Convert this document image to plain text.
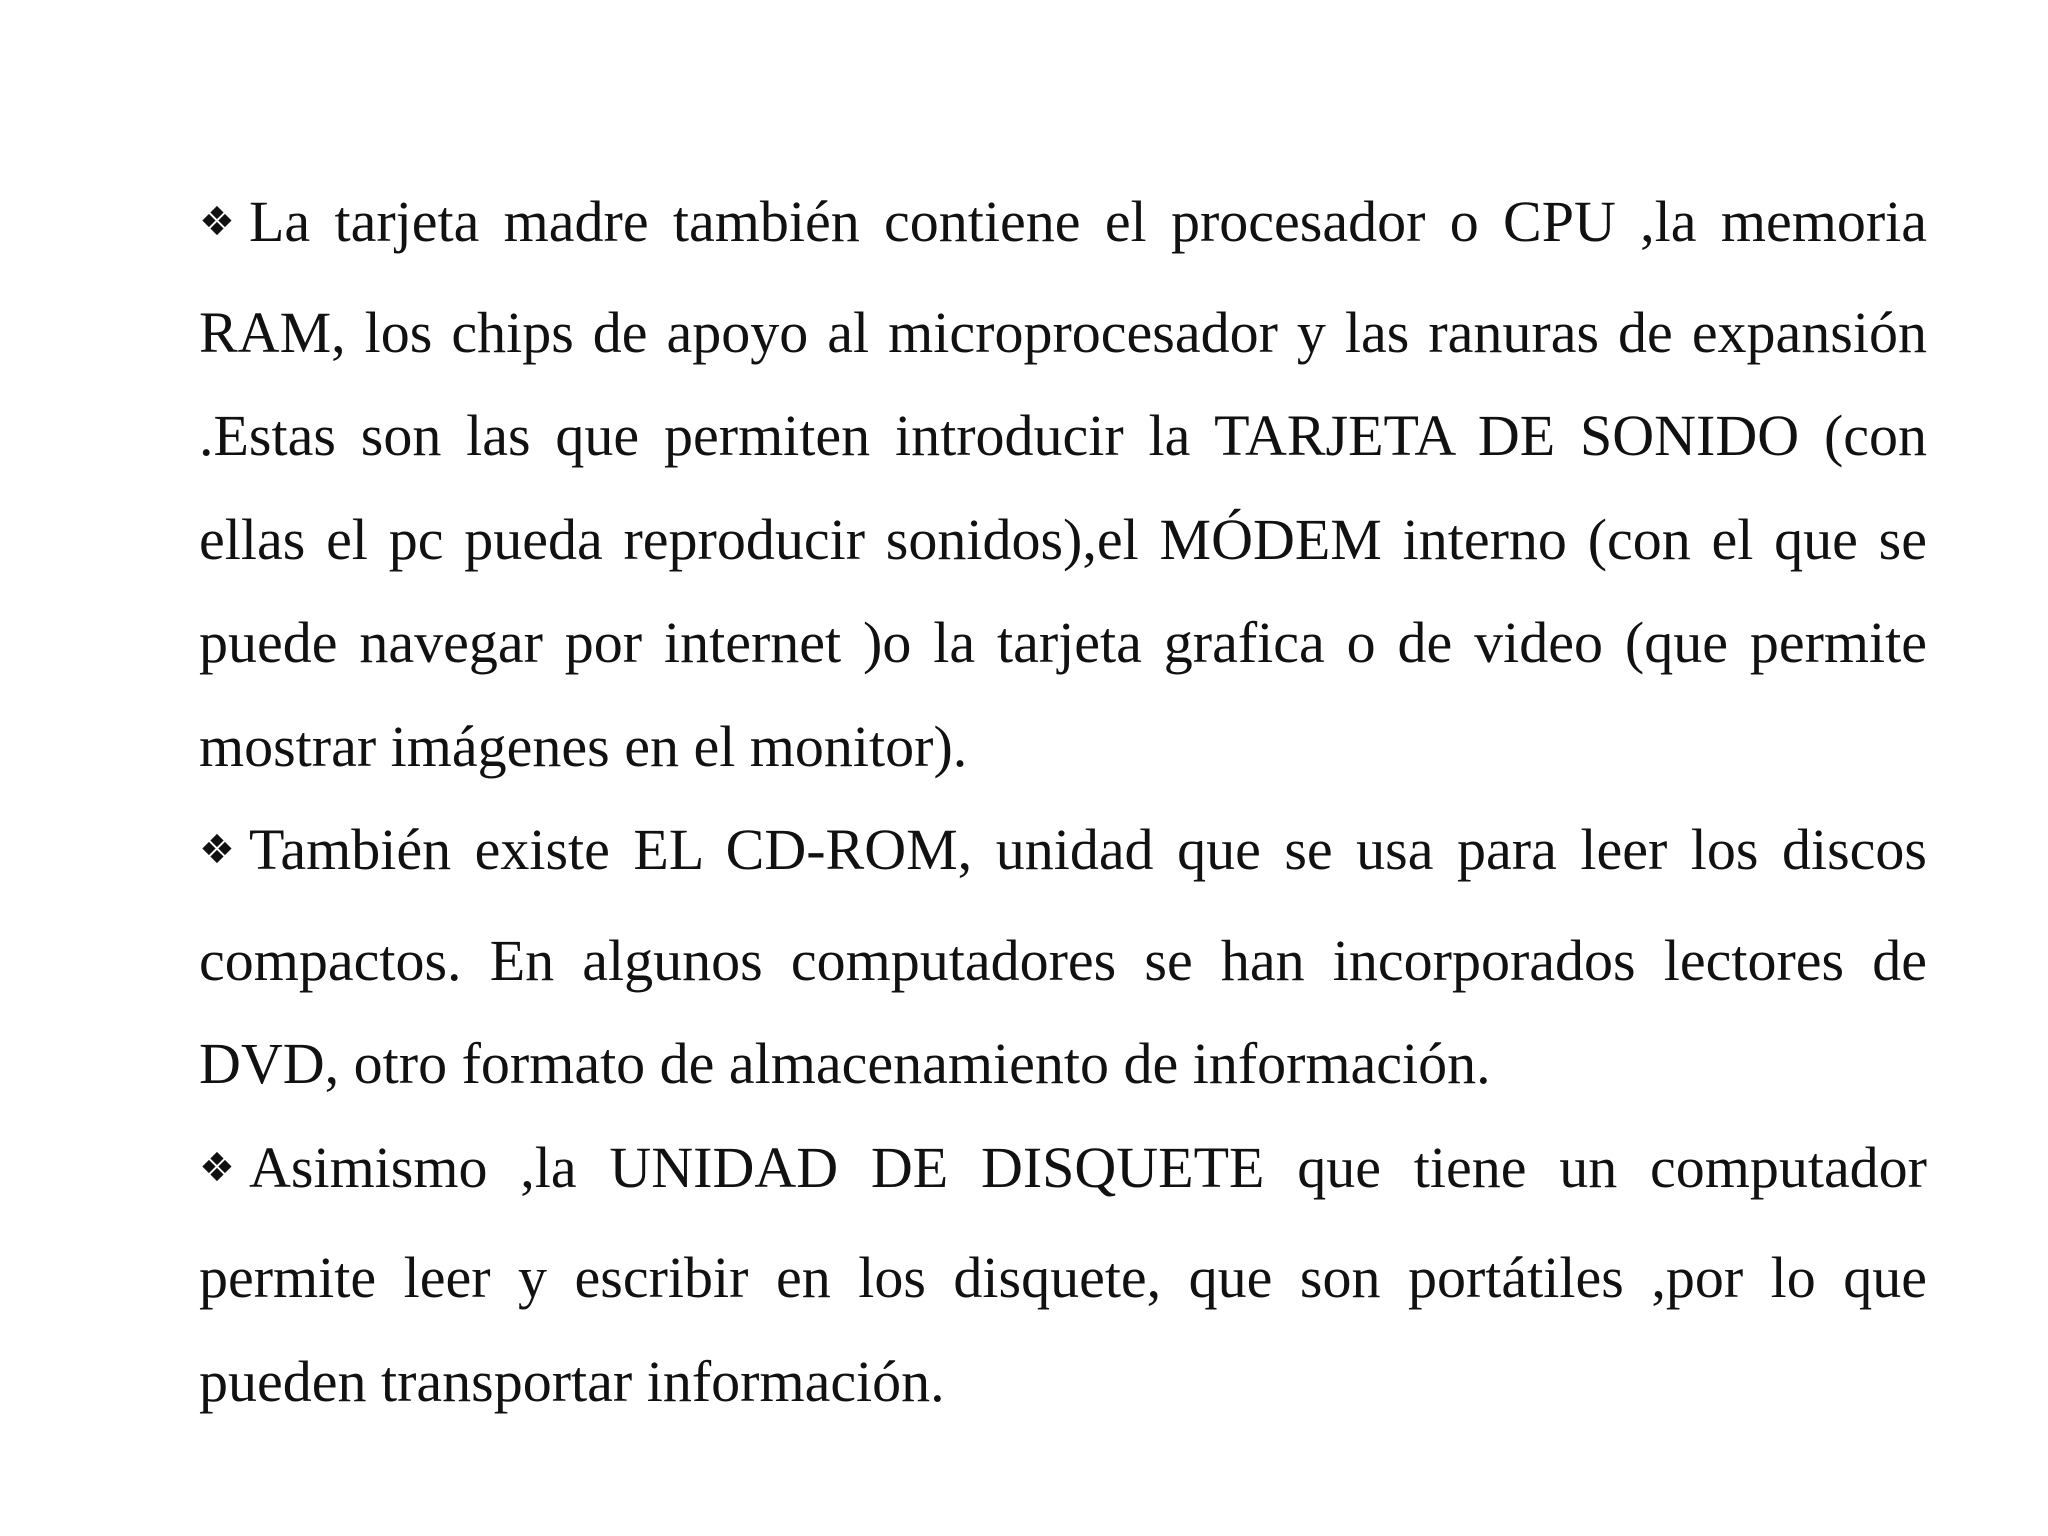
❖ La tarjeta madre también contiene el procesador o CPU ,la memoria RAM, los chips de apoyo al microprocesador y las ranuras de expansión .Estas son las que permiten introducir la TARJETA DE SONIDO (con ellas el pc pueda reproducir sonidos),el MÓDEM interno (con el que se puede navegar por internet )o la tarjeta grafica o de video (que permite mostrar imágenes en el monitor).

❖ También existe EL CD-ROM, unidad que se usa para leer los discos compactos. En algunos computadores se han incorporados lectores de DVD, otro formato de almacenamiento de información.

❖ Asimismo ,la UNIDAD DE DISQUETE que tiene un computador permite leer y escribir en los disquete, que son portátiles ,por lo que pueden transportar información.
